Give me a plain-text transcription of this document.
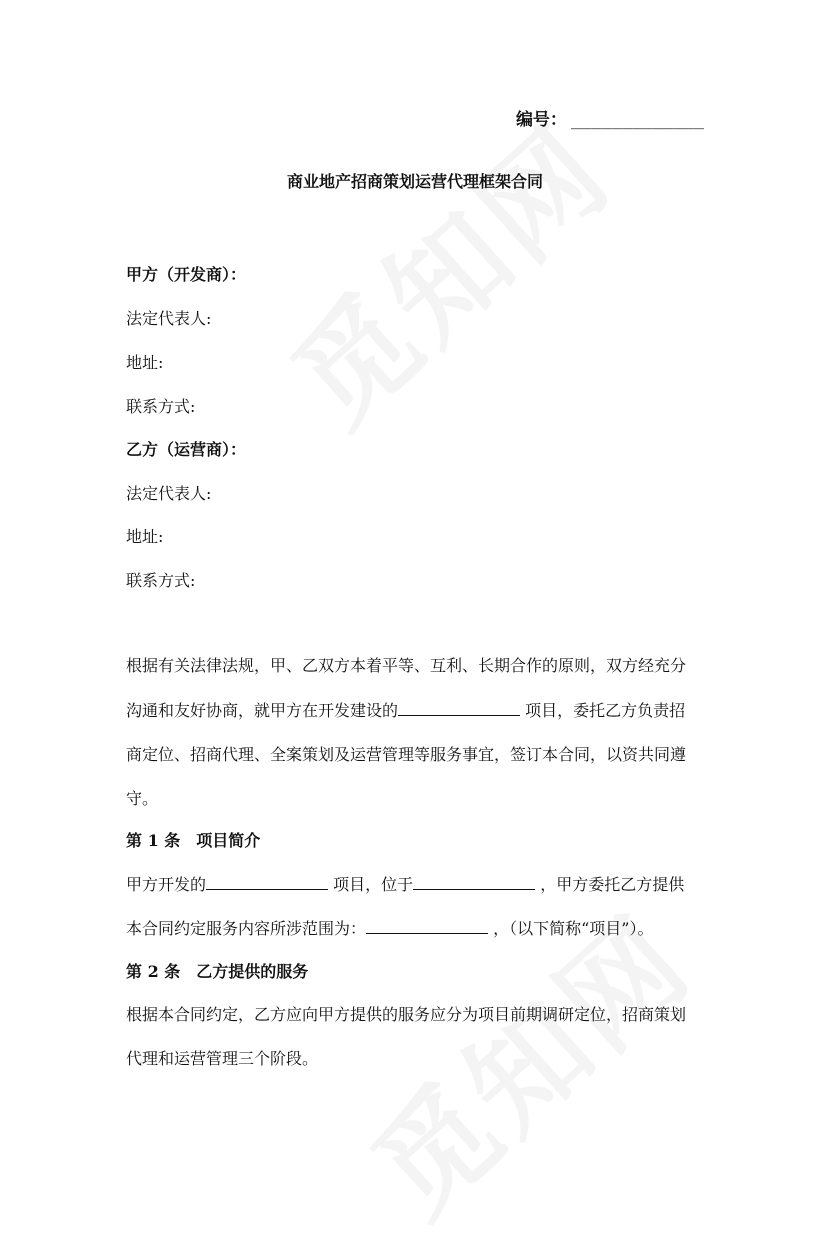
编号： _____________
商业地产招商策划运营代理框架合同
甲方（开发商）：
法定代表人:
地址:
联系方式:
乙方（运营商）：
法定代表人:
地址:
联系方式:
根据有关法律法规，甲、乙双方本着平等、互利、长期合作的原则，双方经充分
沟通和友好协商，就甲方在开发建设的	项目，委托乙方负责招
商定位、招商代理、全案策划及运营管理等服务事宜，签订本合同，以资共同遵
守。
第 1 条　项目简介
甲方开发的	项目，位于	，甲方委托乙方提供
本合同约定服务内容所涉范围为：	，（以下简称“项目”）。
第 2 条　乙方提供的服务
根据本合同约定，乙方应向甲方提供的服务应分为项目前期调研定位，招商策划
代理和运营管理三个阶段。
